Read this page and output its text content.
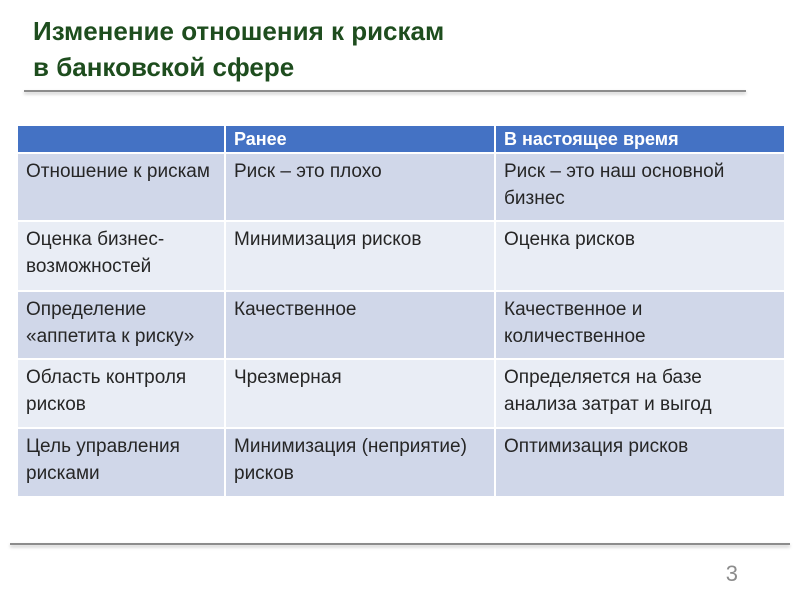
Изменение отношения к рискам
в банковской сфере
	Ранее	В настоящее время
Отношение к рискам	Риск – это плохо	Риск – это наш основной бизнес
Оценка бизнес-возможностей	Минимизация рисков	Оценка рисков
Определение «аппетита к риску»	Качественное	Качественное и количественное
Область контроля рисков	Чрезмерная	Определяется на базе анализа затрат и выгод
Цель управления рисками	Минимизация (неприятие) рисков	Оптимизация рисков
3
